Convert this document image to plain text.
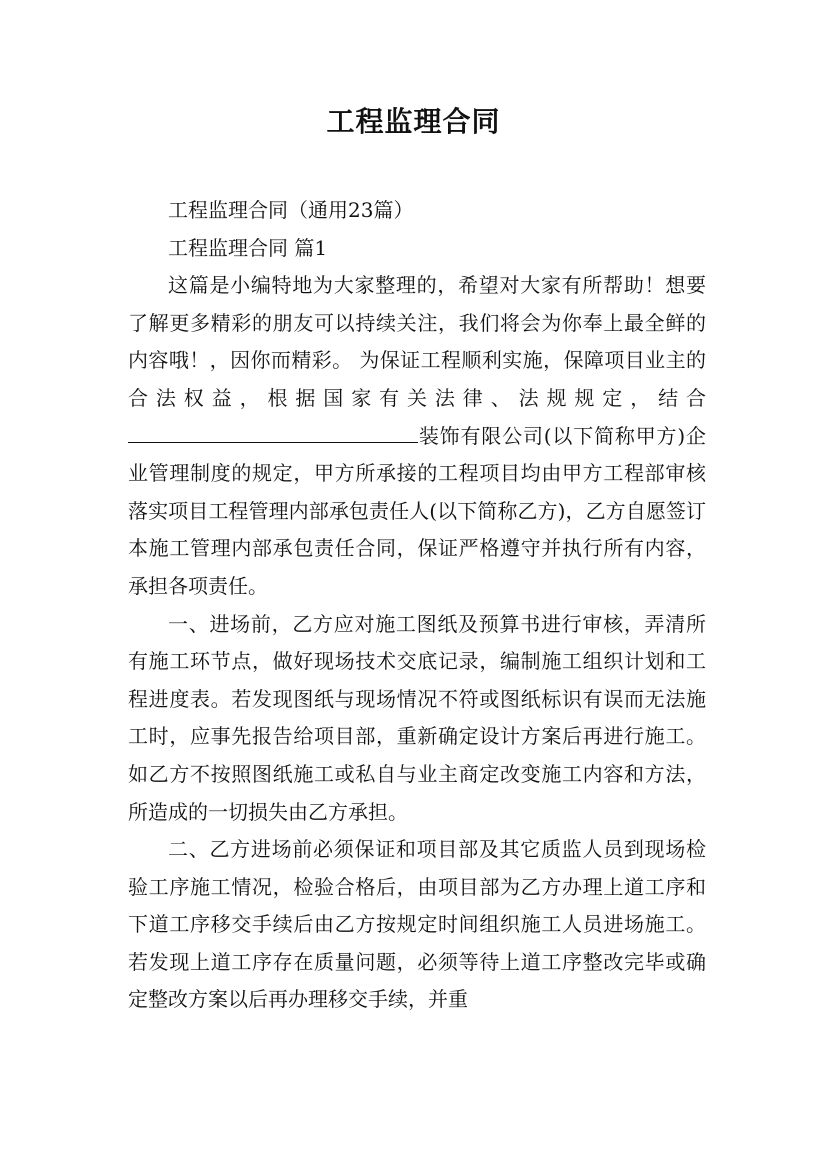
工程监理合同

工程监理合同（通用23篇）

工程监理合同 篇1

这篇是小编特地为大家整理的，希望对大家有所帮助！想要了解更多精彩的朋友可以持续关注，我们将会为你奉上最全鲜的内容哦！，因你而精彩。 为保证工程顺利实施，保障项目业主的合法权益，根据国家有关法律、法规规定，结合装饰有限公司(以下简称甲方)企业管理制度的规定，甲方所承接的工程项目均由甲方工程部审核落实项目工程管理内部承包责任人(以下简称乙方)，乙方自愿签订本施工管理内部承包责任合同，保证严格遵守并执行所有内容，承担各项责任。

一、进场前，乙方应对施工图纸及预算书进行审核，弄清所有施工环节点，做好现场技术交底记录，编制施工组织计划和工程进度表。若发现图纸与现场情况不符或图纸标识有误而无法施工时，应事先报告给项目部，重新确定设计方案后再进行施工。如乙方不按照图纸施工或私自与业主商定改变施工内容和方法，所造成的一切损失由乙方承担。

二、乙方进场前必须保证和项目部及其它质监人员到现场检验工序施工情况，检验合格后，由项目部为乙方办理上道工序和下道工序移交手续后由乙方按规定时间组织施工人员进场施工。若发现上道工序存在质量问题，必须等待上道工序整改完毕或确定整改方案以后再办理移交手续，并重
